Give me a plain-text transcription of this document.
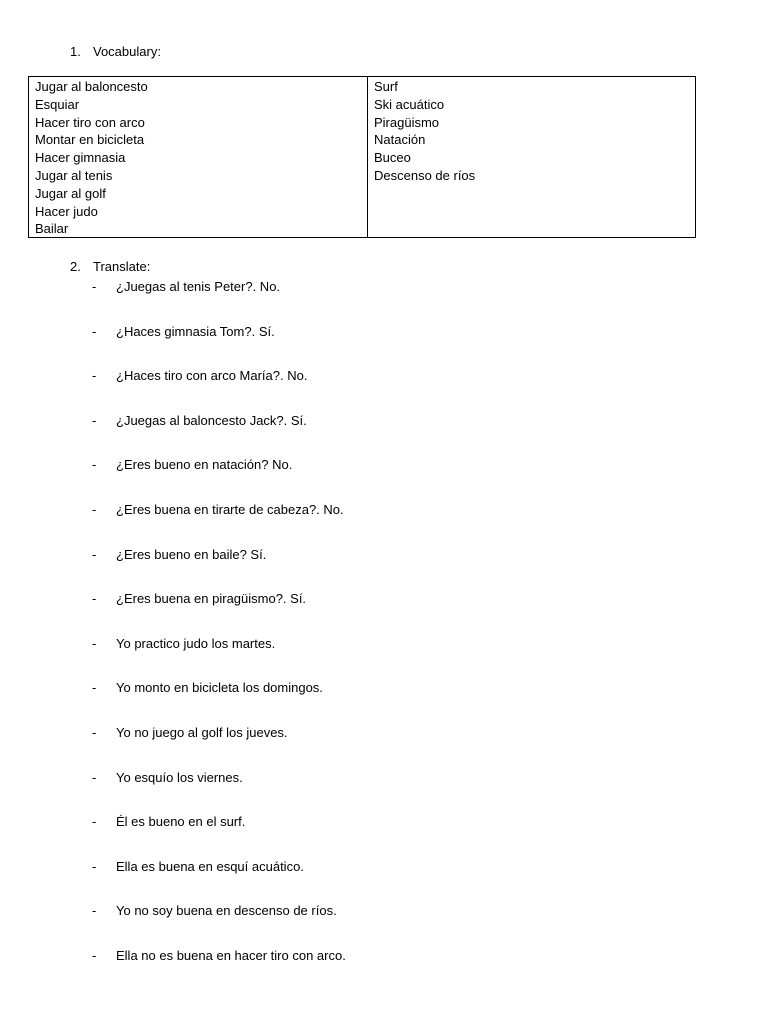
1. Vocabulary:
Jugar al baloncesto
Esquiar
Hacer tiro con arco
Montar en bicicleta
Hacer gimnasia
Jugar al tenis
Jugar al golf
Hacer judo
Bailar
Surf
Ski acuático
Piragüismo
Natación
Buceo
Descenso de ríos
2. Translate:
- ¿Juegas al tenis Peter?. No.
- ¿Haces gimnasia Tom?. Sí.
- ¿Haces tiro con arco María?. No.
- ¿Juegas al baloncesto Jack?. Sí.
- ¿Eres bueno en natación? No.
- ¿Eres buena en tirarte de cabeza?. No.
- ¿Eres bueno en baile? Sí.
- ¿Eres buena en piragüismo?. Sí.
- Yo practico judo los martes.
- Yo monto en bicicleta los domingos.
- Yo no juego al golf los jueves.
- Yo esquío los viernes.
- Él es bueno en el surf.
- Ella es buena en esquí acuático.
- Yo no soy buena en descenso de ríos.
- Ella no es buena en hacer tiro con arco.
